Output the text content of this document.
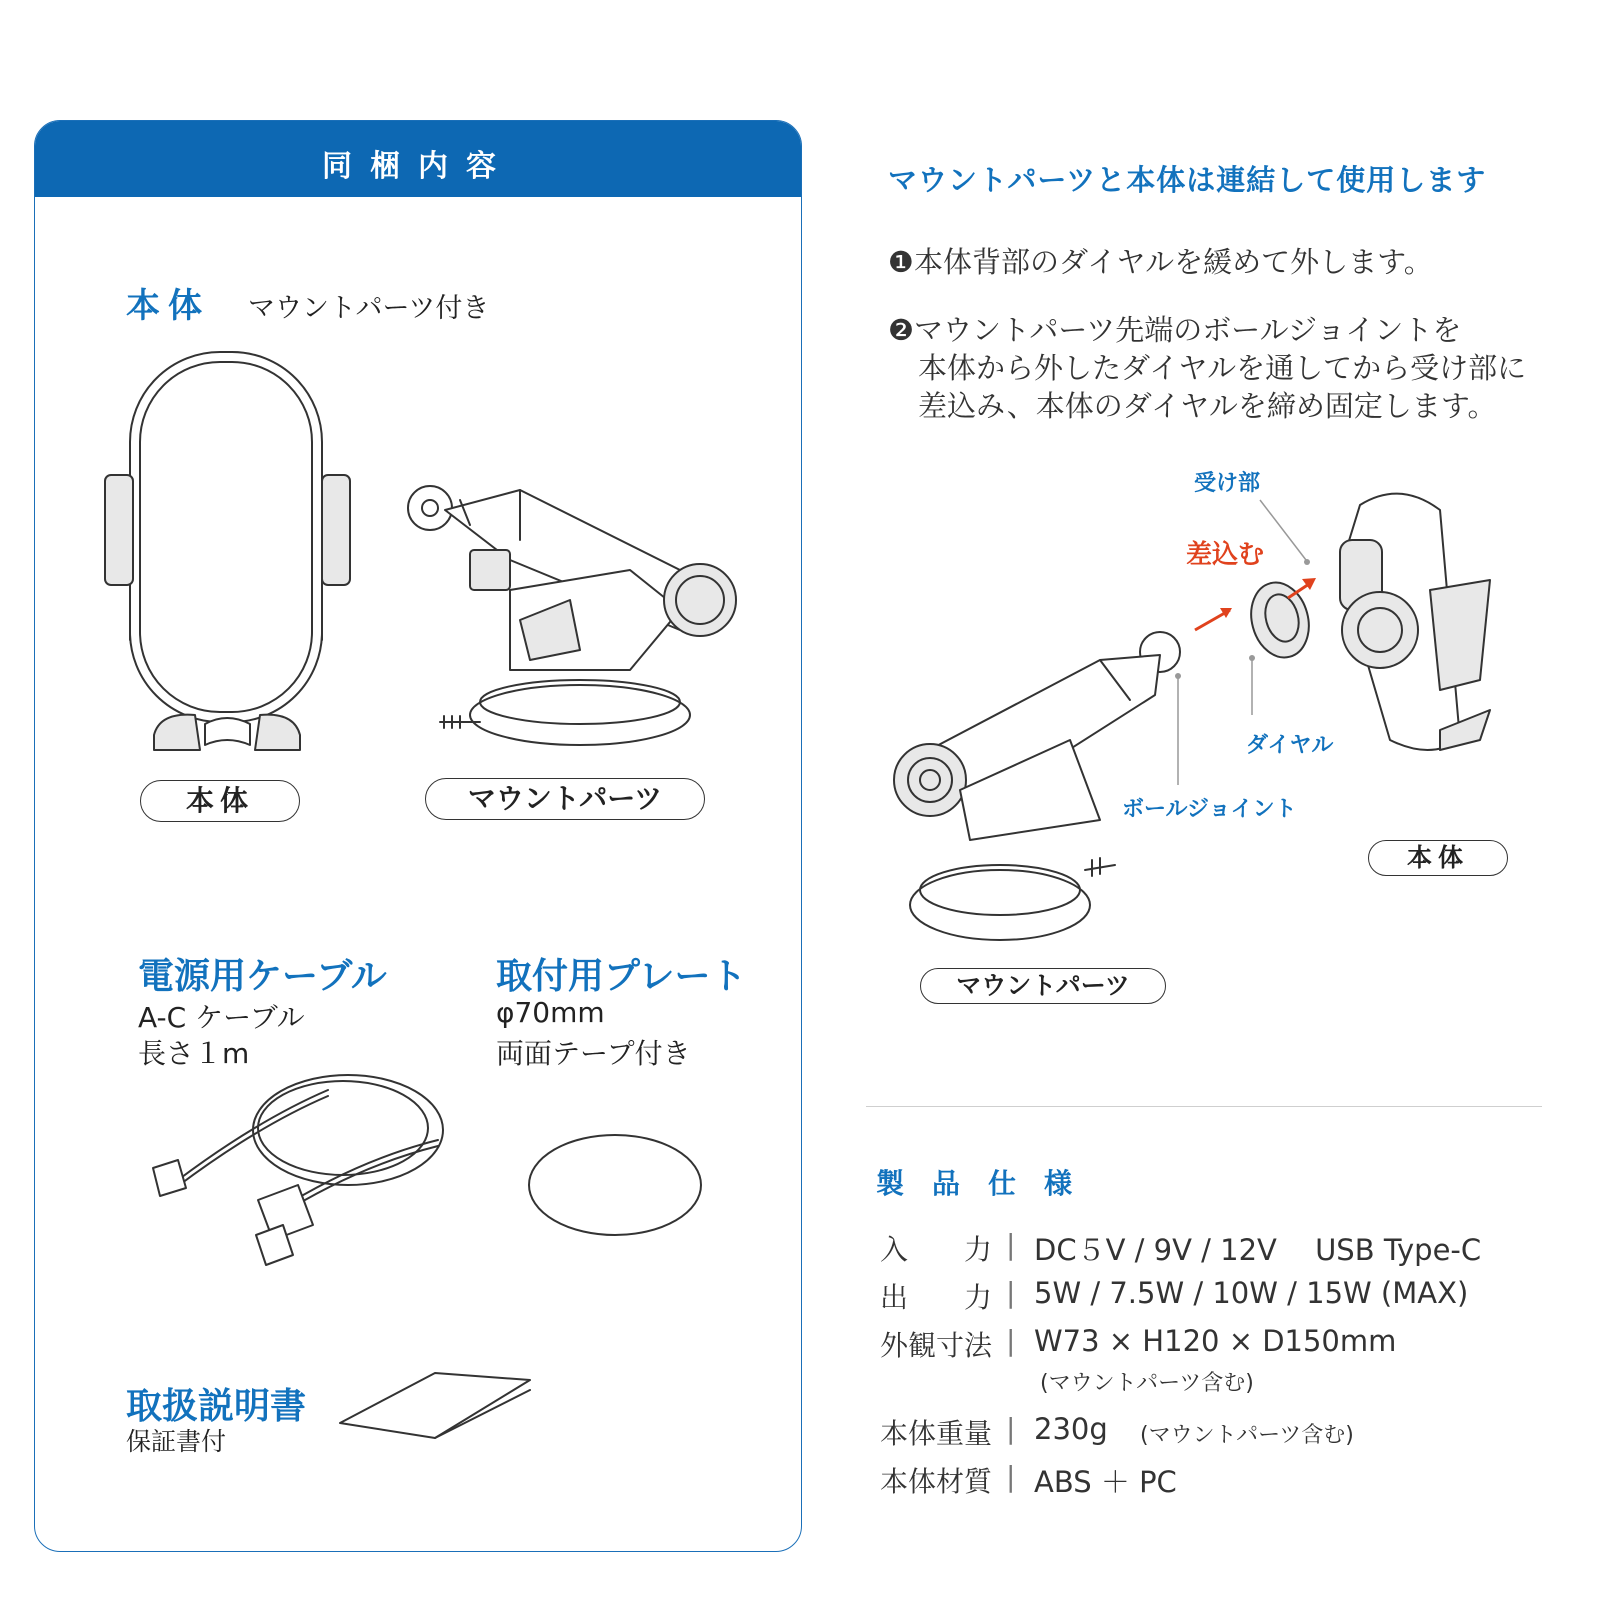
同梱内容
本体 マウントパーツ付き
本体	マウントパーツ
電源用ケーブル
A-C ケーブル
長さ１m
取付用プレート
φ70mm
両面テープ付き
取扱説明書
保証書付
マウントパーツと本体は連結して使用します
❶本体背部のダイヤルを緩めて外します。
❷マウントパーツ先端のボールジョイントを
本体から外したダイヤルを通してから受け部に
差込み、本体のダイヤルを締め固定します。
受け部
差込む
ダイヤル
ボールジョイント
本体
マウントパーツ
製　品　仕　様
入　　力 | DC５V / 9V / 12V　 USB Type-C
出　　力 | 5W / 7.5W / 10W / 15W (MAX)
外観寸法 | W73 × H120 × D150mm
(マウントパーツ含む)
本体重量 | 230g (マウントパーツ含む)
本体材質 | ABS ＋ PC
